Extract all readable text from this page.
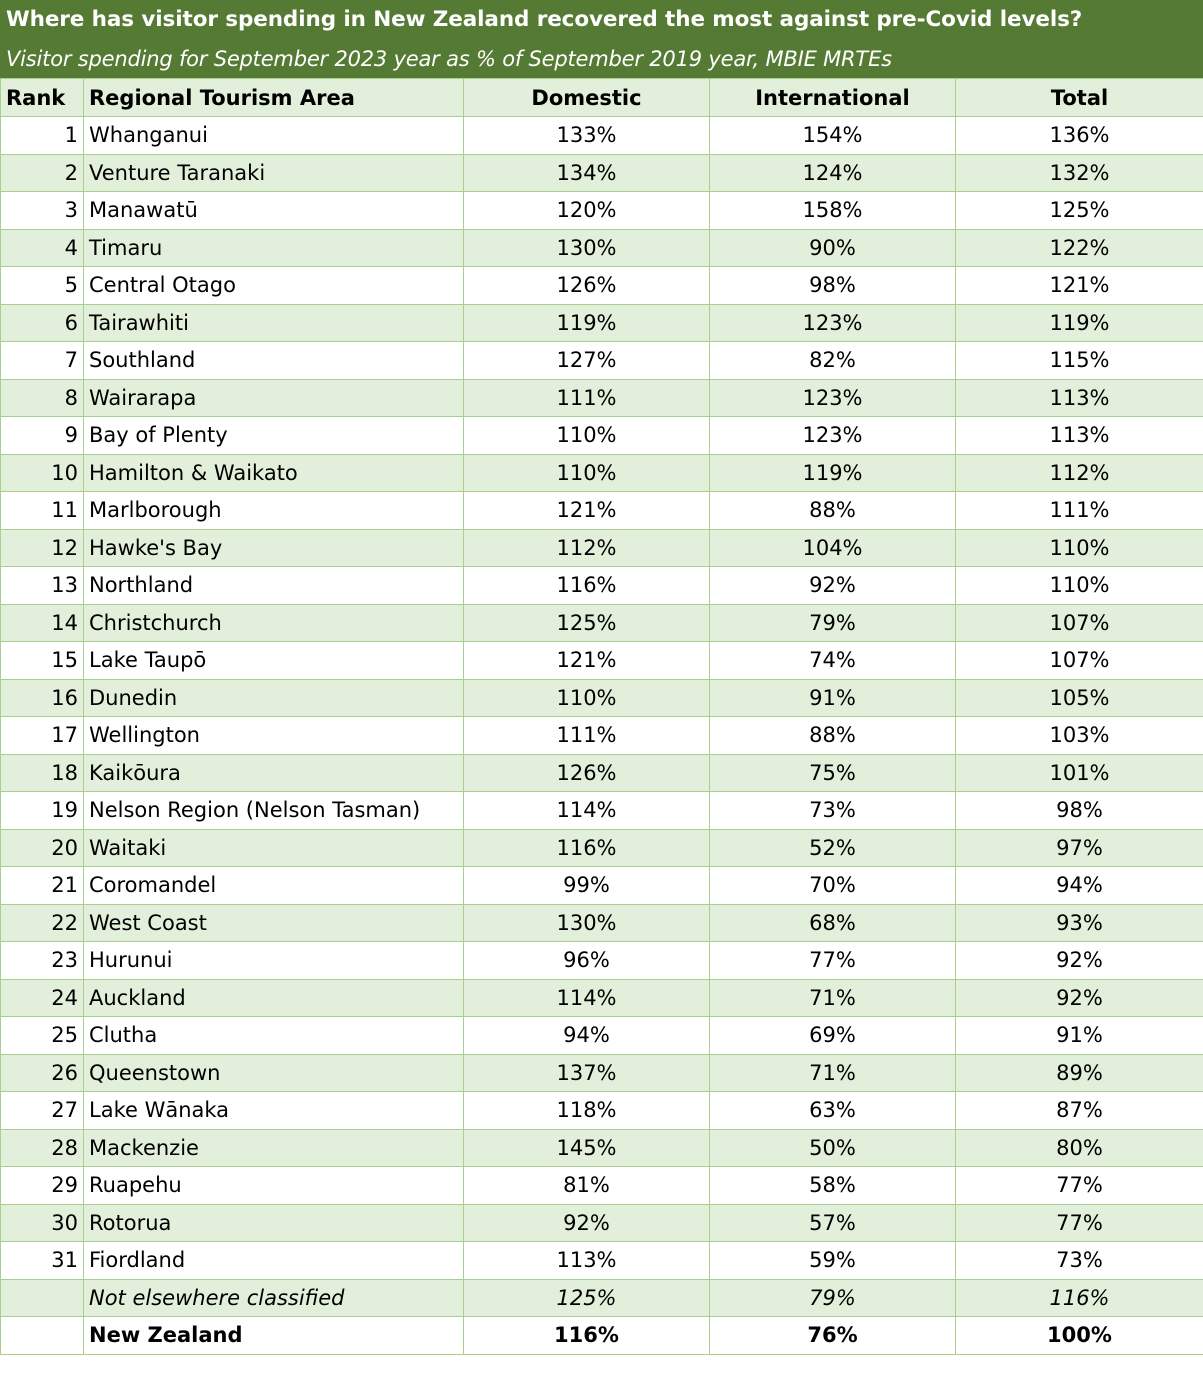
Where has visitor spending in New Zealand recovered the most against pre-Covid levels?
Visitor spending for September 2023 year as % of September 2019 year, MBIE MRTEs
Rank	Regional Tourism Area	Domestic	International	Total
1	Whanganui	133%	154%	136%
2	Venture Taranaki	134%	124%	132%
3	Manawatū	120%	158%	125%
4	Timaru	130%	90%	122%
5	Central Otago	126%	98%	121%
6	Tairawhiti	119%	123%	119%
7	Southland	127%	82%	115%
8	Wairarapa	111%	123%	113%
9	Bay of Plenty	110%	123%	113%
10	Hamilton & Waikato	110%	119%	112%
11	Marlborough	121%	88%	111%
12	Hawke's Bay	112%	104%	110%
13	Northland	116%	92%	110%
14	Christchurch	125%	79%	107%
15	Lake Taupō	121%	74%	107%
16	Dunedin	110%	91%	105%
17	Wellington	111%	88%	103%
18	Kaikōura	126%	75%	101%
19	Nelson Region (Nelson Tasman)	114%	73%	98%
20	Waitaki	116%	52%	97%
21	Coromandel	99%	70%	94%
22	West Coast	130%	68%	93%
23	Hurunui	96%	77%	92%
24	Auckland	114%	71%	92%
25	Clutha	94%	69%	91%
26	Queenstown	137%	71%	89%
27	Lake Wānaka	118%	63%	87%
28	Mackenzie	145%	50%	80%
29	Ruapehu	81%	58%	77%
30	Rotorua	92%	57%	77%
31	Fiordland	113%	59%	73%
	Not elsewhere classified	125%	79%	116%
	New Zealand	116%	76%	100%
